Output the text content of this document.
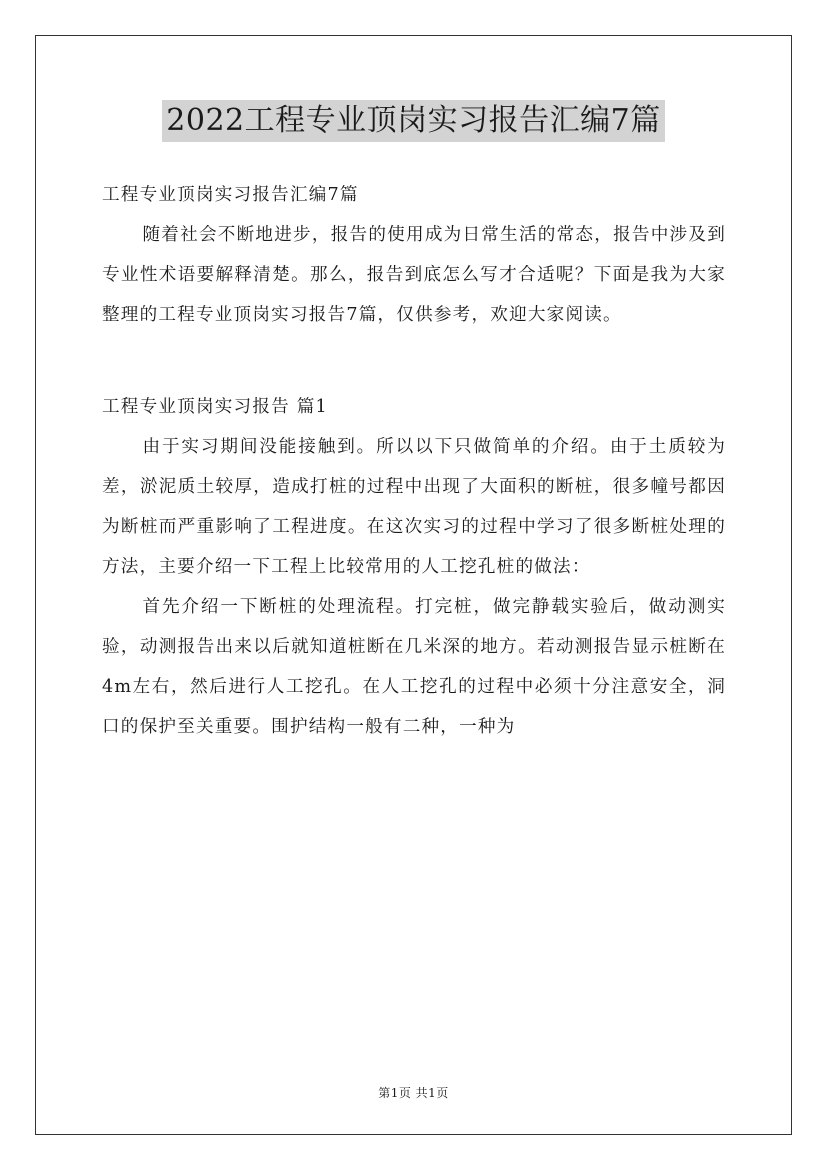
2022工程专业顶岗实习报告汇编7篇

工程专业顶岗实习报告汇编7篇

随着社会不断地进步，报告的使用成为日常生活的常态，报告中涉及到专业性术语要解释清楚。那么，报告到底怎么写才合适呢？下面是我为大家整理的工程专业顶岗实习报告7篇，仅供参考，欢迎大家阅读。

工程专业顶岗实习报告 篇1

由于实习期间没能接触到。所以以下只做简单的介绍。由于土质较为差，淤泥质土较厚，造成打桩的过程中出现了大面积的断桩，很多幢号都因为断桩而严重影响了工程进度。在这次实习的过程中学习了很多断桩处理的方法，主要介绍一下工程上比较常用的人工挖孔桩的做法：

首先介绍一下断桩的处理流程。打完桩，做完静载实验后，做动测实验，动测报告出来以后就知道桩断在几米深的地方。若动测报告显示桩断在4m左右，然后进行人工挖孔。在人工挖孔的过程中必须十分注意安全，洞口的保护至关重要。围护结构一般有二种，一种为

第1页 共1页
